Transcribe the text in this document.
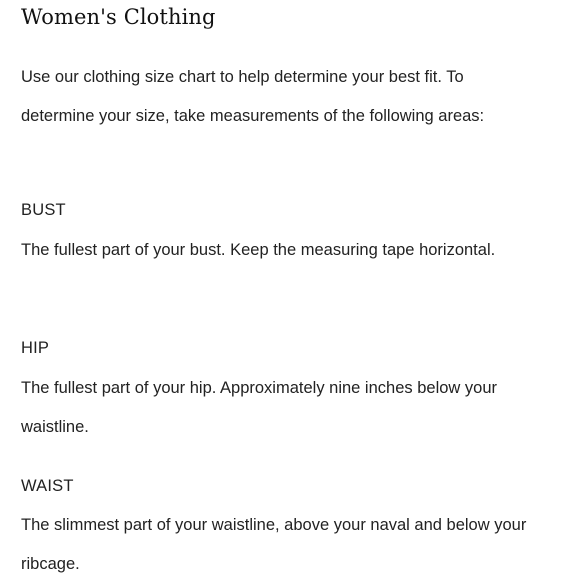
Women's Clothing

Use our clothing size chart to help determine your best fit. To determine your size, take measurements of the following areas:

BUST

The fullest part of your bust. Keep the measuring tape horizontal.

HIP

The fullest part of your hip. Approximately nine inches below your waistline.

WAIST

The slimmest part of your waistline, above your naval and below your ribcage.
